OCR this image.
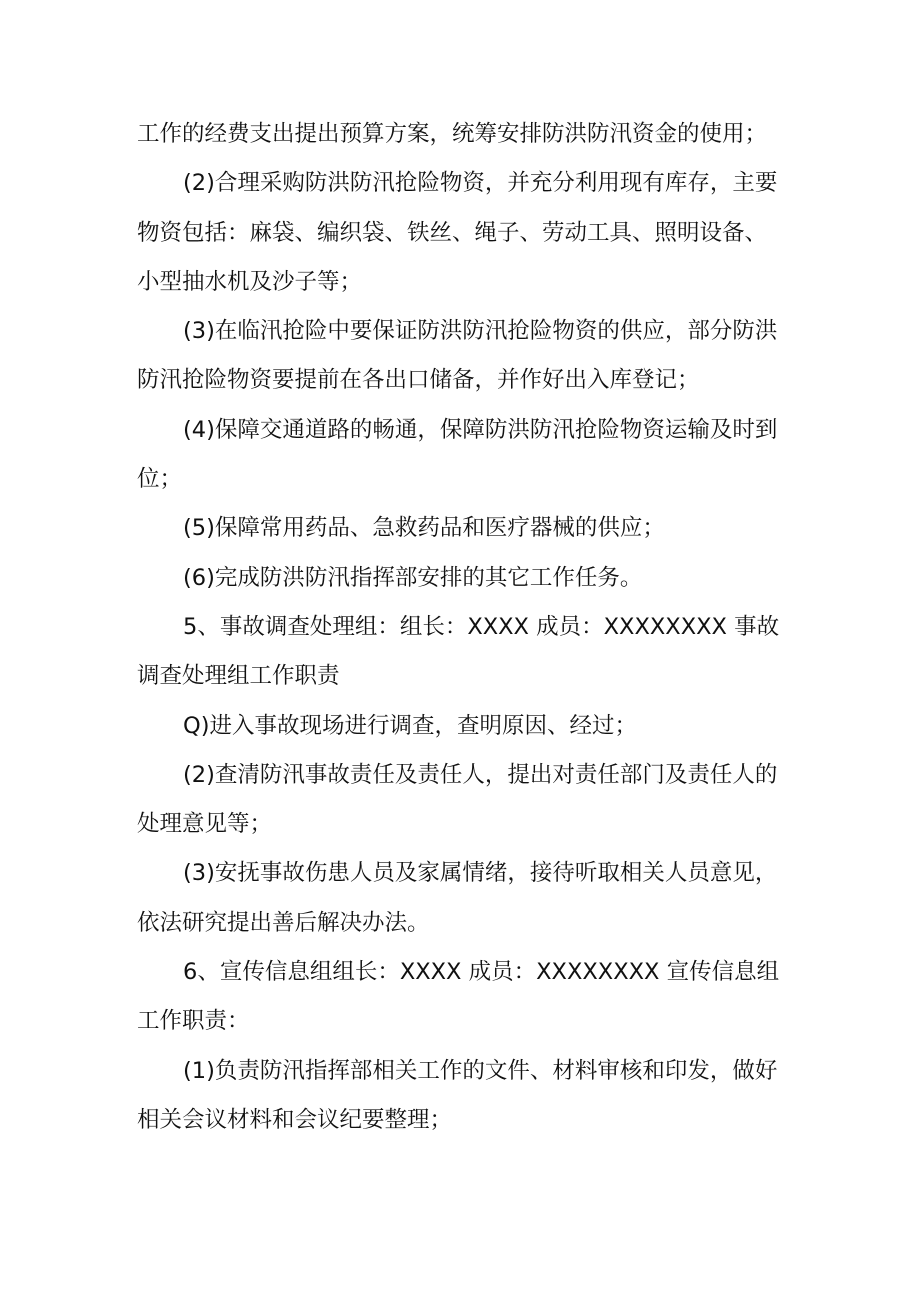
工作的经费支出提出预算方案，统筹安排防洪防汛资金的使用；

(2)合理采购防洪防汛抢险物资，并充分利用现有库存，主要
物资包括：麻袋、编织袋、铁丝、绳子、劳动工具、照明设备、
小型抽水机及沙子等；

(3)在临汛抢险中要保证防洪防汛抢险物资的供应，部分防洪
防汛抢险物资要提前在各出口储备，并作好出入库登记；

(4)保障交通道路的畅通，保障防洪防汛抢险物资运输及时到
位；

(5)保障常用药品、急救药品和医疗器械的供应；

(6)完成防洪防汛指挥部安排的其它工作任务。

5、事故调查处理组：组长：XXXX 成员：XXXXXXXX 事故
调查处理组工作职责

Q)进入事故现场进行调查，查明原因、经过；

(2)查清防汛事故责任及责任人，提出对责任部门及责任人的
处理意见等；

(3)安抚事故伤患人员及家属情绪，接待听取相关人员意见，
依法研究提出善后解决办法。

6、宣传信息组组长：XXXX 成员：XXXXXXXX 宣传信息组
工作职责：

(1)负责防汛指挥部相关工作的文件、材料审核和印发，做好
相关会议材料和会议纪要整理；
